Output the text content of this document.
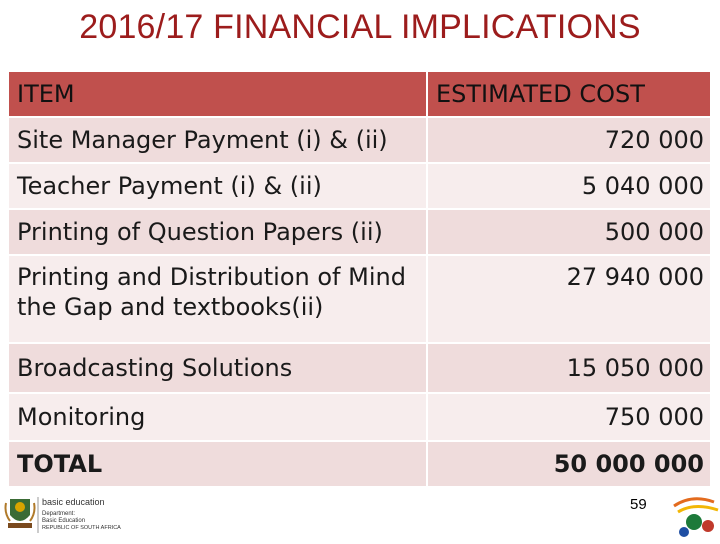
2016/17 FINANCIAL IMPLICATIONS
ITEM	ESTIMATED COST
Site Manager Payment (i) & (ii)	720 000
Teacher Payment (i) & (ii)	5 040 000
Printing of Question Papers (ii)	500 000
Printing and Distribution of Mind the Gap and textbooks(ii)	27 940 000
Broadcasting Solutions	15 050 000
Monitoring	750 000
TOTAL	50 000 000
basic education
Department:
Basic Education
REPUBLIC OF SOUTH AFRICA
59
